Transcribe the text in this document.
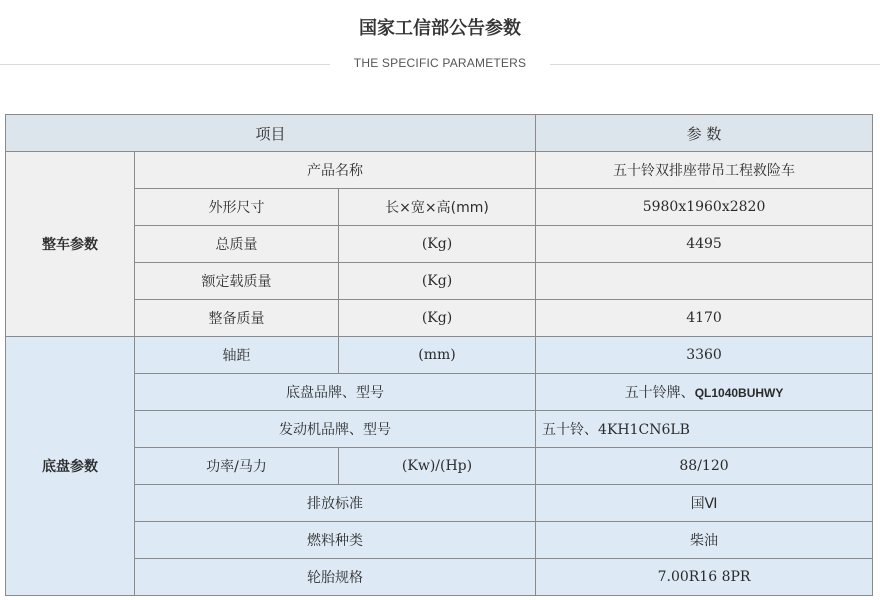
国家工信部公告参数
THE SPECIFIC PARAMETERS
项目			参 数
整车参数	产品名称		五十铃双排座带吊工程救险车
	外形尺寸	长×宽×高(mm)	5980x1960x2820
	总质量	(Kg)	4495
	额定载质量	(Kg)	
	整备质量	(Kg)	4170
底盘参数	轴距	(mm)	3360
	底盘品牌、型号		五十铃牌、QL1040BUHWY
	发动机品牌、型号		五十铃、4KH1CN6LB
	功率/马力	(Kw)/(Hp)	88/120
	排放标准		国Ⅵ
	燃料种类		柴油
	轮胎规格		7.00R16 8PR
